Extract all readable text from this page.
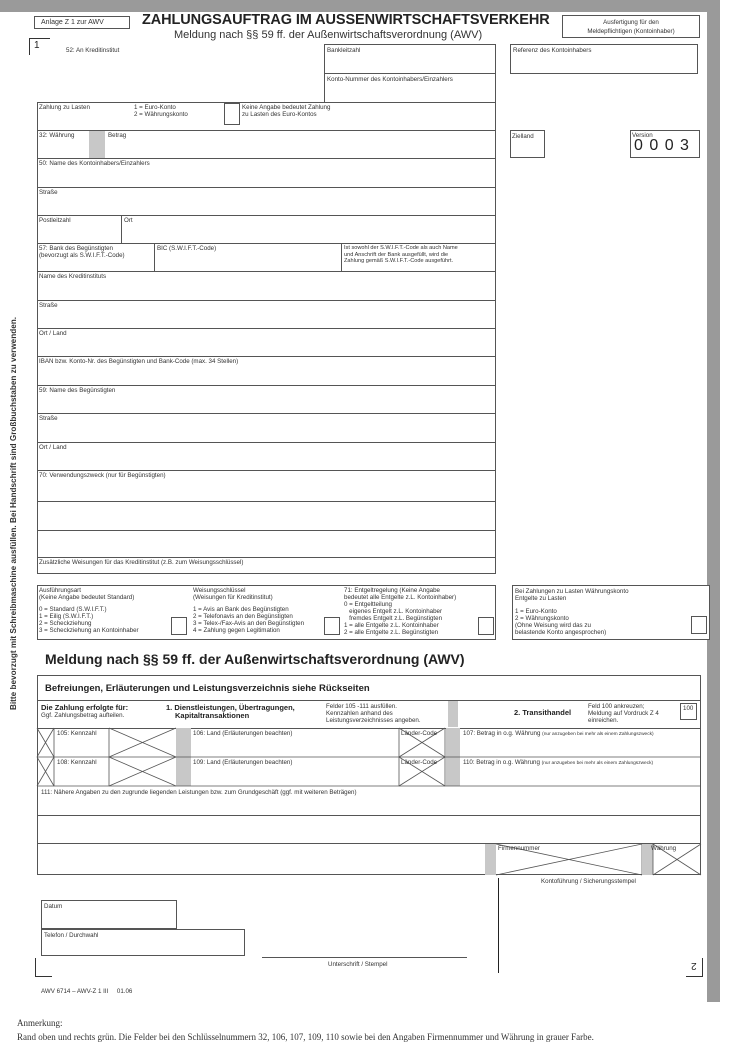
Anlage Z 1 zur AWV	ZAHLUNGSAUFTRAG IM AUSSENWIRTSCHAFTSVERKEHR
Meldung nach §§ 59 ff. der Außenwirtschaftsverordnung (AWV)
Ausfertigung für den
Meldepflichtigen (Kontoinhaber)
1	52: An Kreditinstitut	Bankleitzahl
Konto-Nummer des Kontoinhabers/Einzahlers
Referenz des Kontoinhabers
Zahlung zu Lasten	1 = Euro-Konto
2 = Währungskonto
Keine Angabe bedeutet Zahlung
zu Lasten des Euro-Kontos
32: Währung	Betrag	Zielland	Version
0 0 0 3
50: Name des Kontoinhabers/Einzahlers
Straße
Postleitzahl	Ort
57: Bank des Begünstigten
(bevorzugt als S.W.I.F.T.-Code)
BIC (S.W.I.F.T.-Code)	Ist sowohl der S.W.I.F.T.-Code als auch Name
und Anschrift der Bank ausgefüllt, wird die
Zahlung gemäß S.W.I.F.T.-Code ausgeführt.
Name des Kreditinstituts
Straße
Ort / Land
IBAN bzw. Konto-Nr. des Begünstigten und Bank-Code (max. 34 Stellen)
59: Name des Begünstigten
Straße
Ort / Land
70: Verwendungszweck (nur für Begünstigten)
Zusätzliche Weisungen für das Kreditinstitut (z.B. zum Weisungsschlüssel)
Ausführungsart
(Keine Angabe bedeutet Standard)
0 = Standard (S.W.I.F.T.)
1 = Eilig (S.W.I.F.T.)
2 = Scheckziehung
3 = Scheckziehung an Kontoinhaber
Weisungsschlüssel
(Weisungen für Kreditinstitut)
1 = Avis an Bank des Begünstigten
2 = Telefonavis an den Begünstigten
3 = Telex-/Fax-Avis an den Begünstigten
4 = Zahlung gegen Legitimation
71: Entgeltregelung (Keine Angabe
bedeutet alle Entgelte z.L. Kontoinhaber)
0 = Entgeltteilung
eigenes Entgelt z.L. Kontoinhaber
fremdes Entgelt z.L. Begünstigten
1 = alle Entgelte z.L. Kontoinhaber
2 = alle Entgelte z.L. Begünstigten
Bei Zahlungen zu Lasten Währungskonto
Entgelte zu Lasten
1 = Euro-Konto
2 = Währungskonto
(Ohne Weisung wird das zu
belastende Konto angesprochen)
Bitte bevorzugt mit Schreibmaschine ausfüllen. Bei Handschrift sind Großbuchstaben zu verwenden. Meldung nach §§ 59 ff. der Außenwirtschaftsverordnung (AWV)
Befreiungen, Erläuterungen und Leistungsverzeichnis siehe Rückseiten
Die Zahlung erfolgte für:
Ggf. Zahlungsbetrag aufteilen.
1. Dienstleistungen, Übertragungen,
Kapitaltransaktionen
Felder 105 -111 ausfüllen.
Kennzahlen anhand des
Leistungsverzeichnisses angeben.
2. Transithandel
Feld 100 ankreuzen;
Meldung auf Vordruck Z 4
einreichen.
100
105: Kennzahl	106: Land (Erläuterungen beachten)	Länder-Code	107: Betrag in o.g. Währung (nur anzugeben bei mehr als einem Zahlungszweck)
108: Kennzahl	109: Land (Erläuterungen beachten)	Länder-Code	110: Betrag in o.g. Währung (nur anzugeben bei mehr als einem Zahlungszweck)
111: Nähere Angaben zu den zugrunde liegenden Leistungen bzw. zum Grundgeschäft (ggf. mit weiteren Beträgen)
Firmennummer	Währung
Kontoführung / Sicherungsstempel
Datum
Telefon / Durchwahl
Unterschrift / Stempel	2
AWV 6714 – AWV-Z 1 III     01.06
Anmerkung:
Rand oben und rechts grün. Die Felder bei den Schlüsselnummern 32, 106, 107, 109, 110 sowie bei den Angaben Firmennummer und Währung in grauer Farbe.
